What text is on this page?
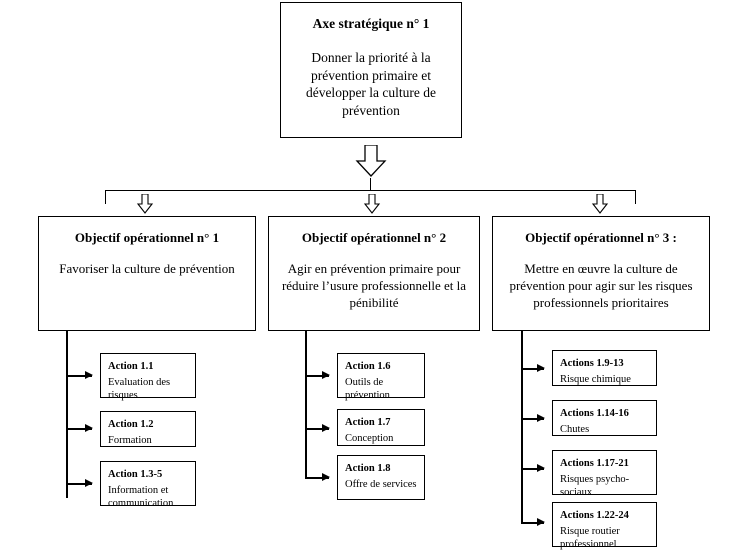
Axe stratégique n° 1
Donner la priorité à la prévention primaire et développer la culture de prévention
Objectif opérationnel n° 1
Favoriser la culture de prévention
Objectif opérationnel n° 2
Agir en prévention primaire pour réduire l’usure professionnelle et la pénibilité
Objectif opérationnel n° 3 :
Mettre en œuvre la culture de prévention pour agir sur les risques professionnels prioritaires
Action 1.1
Evaluation des risques
Action 1.2
Formation
Action 1.3-5
Information et communication
Action 1.6
Outils de prévention
Action 1.7
Conception
Action 1.8
Offre de services
Actions 1.9-13
Risque chimique
Actions 1.14-16
Chutes
Actions 1.17-21
Risques psycho-sociaux
Actions 1.22-24
Risque routier professionnel
